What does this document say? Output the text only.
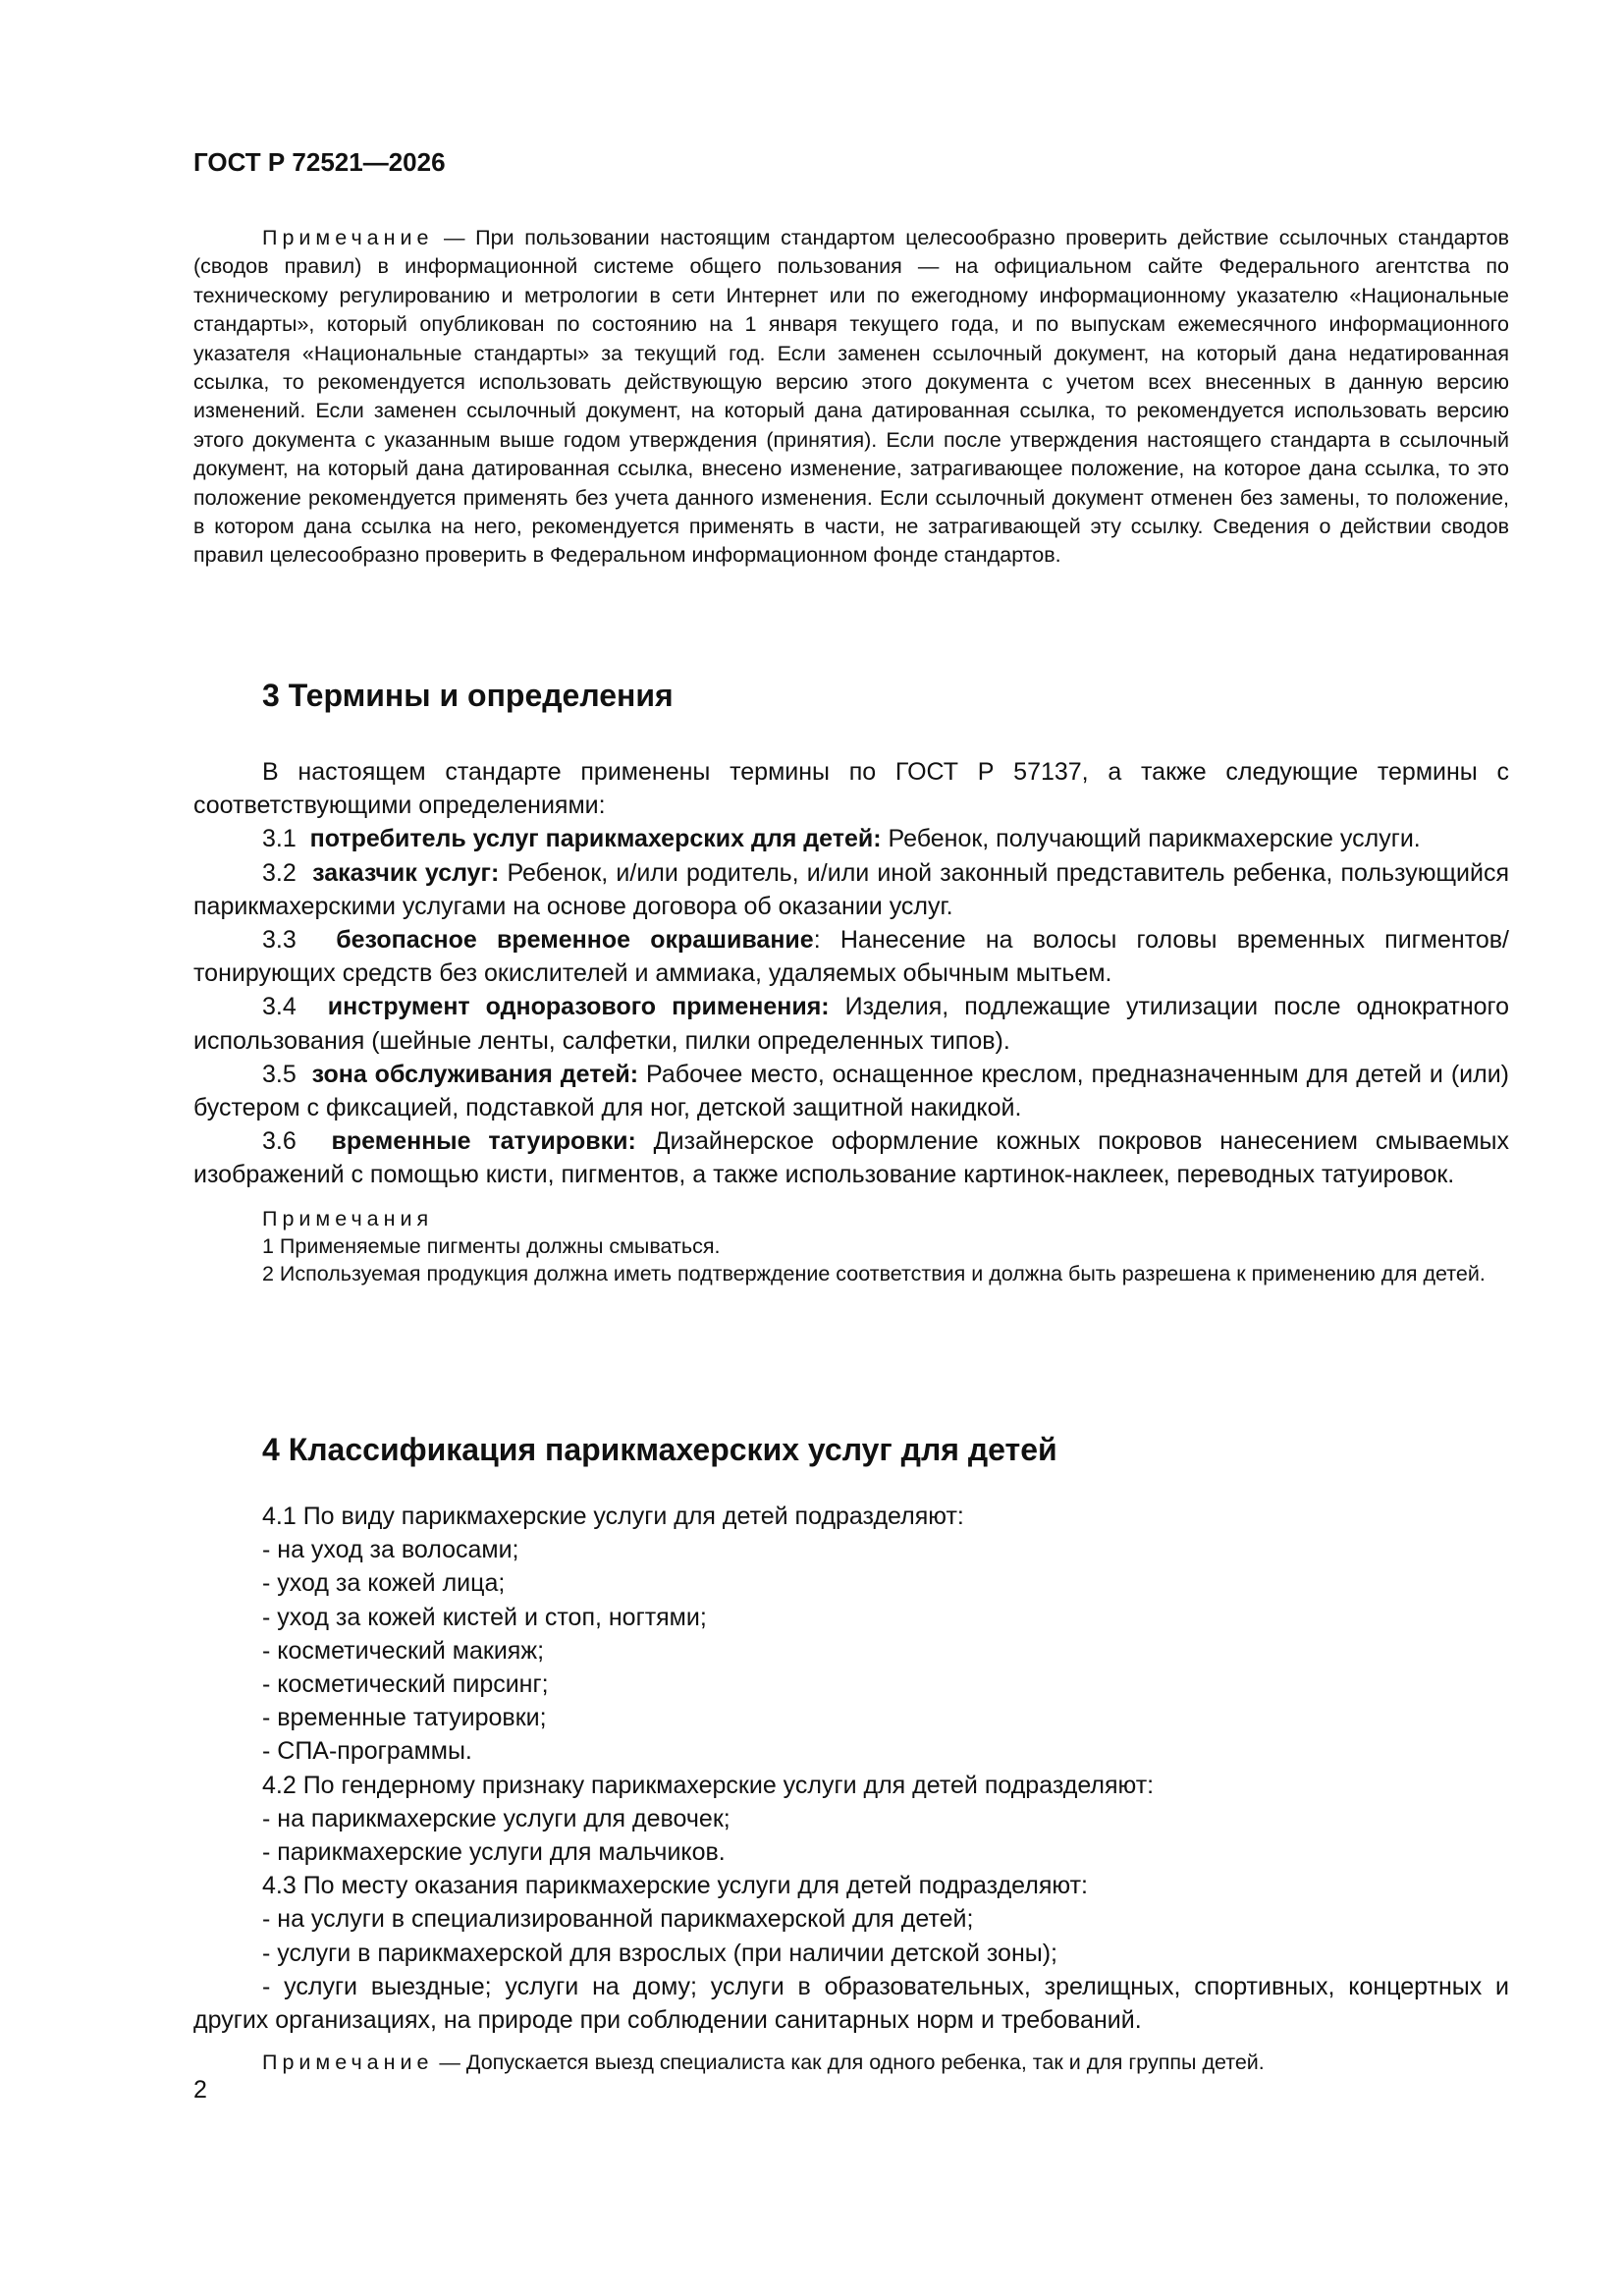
ГОСТ Р 72521—2026

Примечание — При пользовании настоящим стандартом целесообразно проверить действие ссылочных стандартов (сводов правил) в информационной системе общего пользования — на официальном сайте Федерального агентства по техническому регулированию и метрологии в сети Интернет или по ежегодному информационному указателю «Национальные стандарты», который опубликован по состоянию на 1 января текущего года, и по выпускам ежемесячного информационного указателя «Национальные стандарты» за текущий год. Если заменен ссылочный документ, на который дана недатированная ссылка, то рекомендуется использовать действующую версию этого документа с учетом всех внесенных в данную версию изменений. Если заменен ссылочный документ, на который дана датированная ссылка, то рекомендуется использовать версию этого документа с указанным выше годом утверждения (принятия). Если после утверждения настоящего стандарта в ссылочный документ, на который дана датированная ссылка, внесено изменение, затрагивающее положение, на которое дана ссылка, то это положение рекомендуется применять без учета данного изменения. Если ссылочный документ отменен без замены, то положение, в котором дана ссылка на него, рекомендуется применять в части, не затрагивающей эту ссылку. Сведения о действии сводов правил целесообразно проверить в Федеральном информационном фонде стандартов.

3 Термины и определения

В настоящем стандарте применены термины по ГОСТ Р 57137, а также следующие термины с соответствующими определениями:

3.1 потребитель услуг парикмахерских для детей: Ребенок, получающий парикмахерские услуги.

3.2 заказчик услуг: Ребенок, и/или родитель, и/или иной законный представитель ребенка, пользующийся парикмахерскими услугами на основе договора об оказании услуг.

3.3 безопасное временное окрашивание: Нанесение на волосы головы временных пигментов/тонирующих средств без окислителей и аммиака, удаляемых обычным мытьем.

3.4 инструмент одноразового применения: Изделия, подлежащие утилизации после однократного использования (шейные ленты, салфетки, пилки определенных типов).

3.5 зона обслуживания детей: Рабочее место, оснащенное креслом, предназначенным для детей и (или) бустером с фиксацией, подставкой для ног, детской защитной накидкой.

3.6 временные татуировки: Дизайнерское оформление кожных покровов нанесением смываемых изображений с помощью кисти, пигментов, а также использование картинок-наклеек, переводных татуировок.

Примечания

1 Применяемые пигменты должны смываться.

2 Используемая продукция должна иметь подтверждение соответствия и должна быть разрешена к применению для детей.

4 Классификация парикмахерских услуг для детей

4.1 По виду парикмахерские услуги для детей подразделяют:

- на уход за волосами;

- уход за кожей лица;

- уход за кожей кистей и стоп, ногтями;

- косметический макияж;

- косметический пирсинг;

- временные татуировки;

- СПА-программы.

4.2 По гендерному признаку парикмахерские услуги для детей подразделяют:

- на парикмахерские услуги для девочек;

- парикмахерские услуги для мальчиков.

4.3 По месту оказания парикмахерские услуги для детей подразделяют:

- на услуги в специализированной парикмахерской для детей;

- услуги в парикмахерской для взрослых (при наличии детской зоны);

- услуги выездные; услуги на дому; услуги в образовательных, зрелищных, спортивных, концертных и других организациях, на природе при соблюдении санитарных норм и требований.

Примечание — Допускается выезд специалиста как для одного ребенка, так и для группы детей.

2
